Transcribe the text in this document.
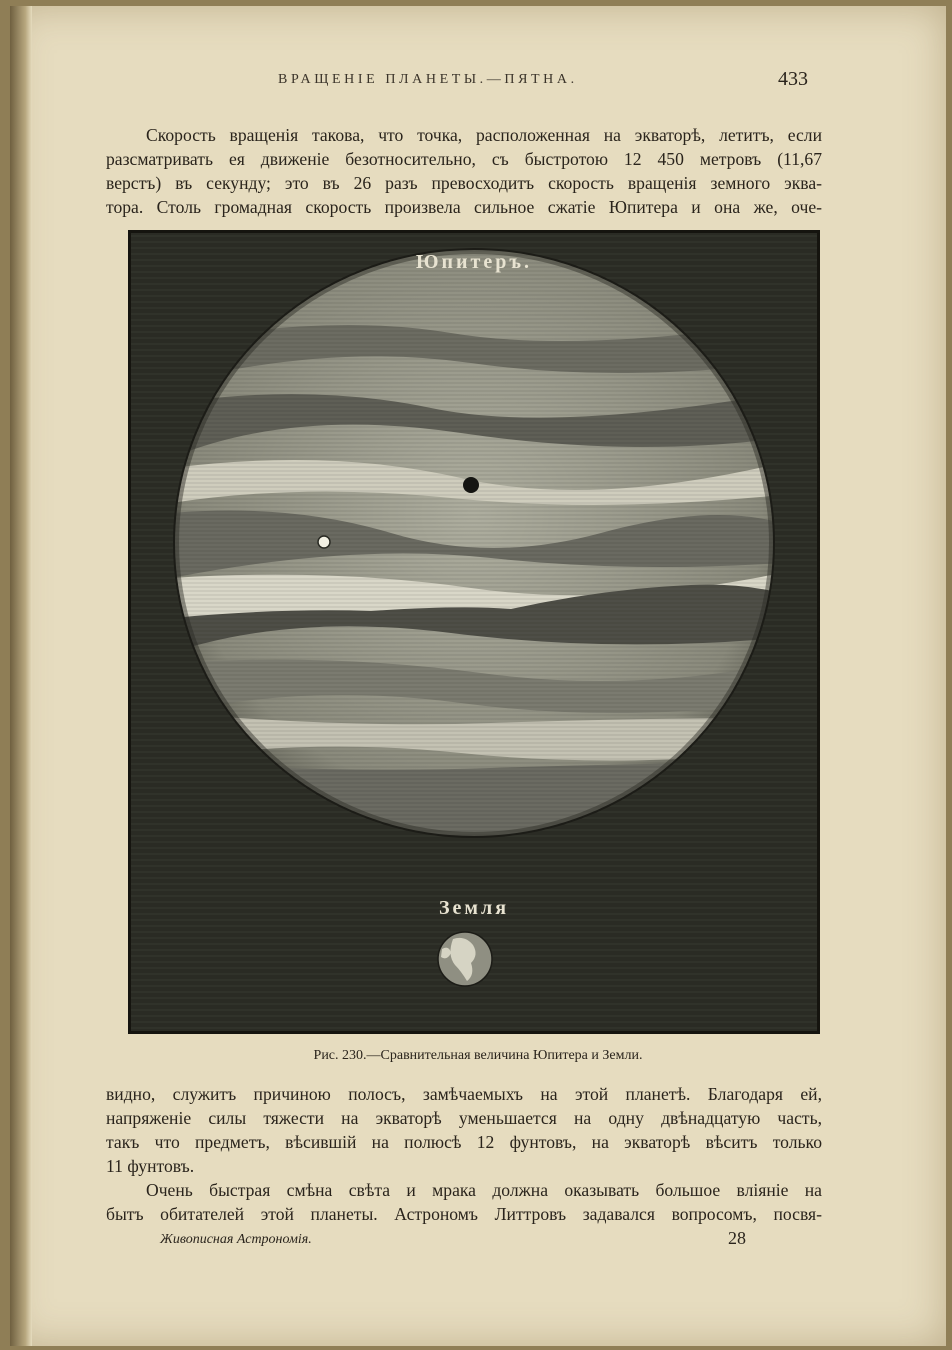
ВРАЩЕНIЕ ПЛАНЕТЫ.—ПЯТНА.	433
Скорость вращенія такова, что точка, расположенная на экваторѣ, летитъ, если
разсматривать ея движеніе безотносительно, съ быстротою 12 450 метровъ (11,67
верстъ) въ секунду; это въ 26 разъ превосходитъ скорость вращенія земного эква-
тора. Столь громадная скорость произвела сильное сжатіе Юпитера и она же, оче-
Юпитеръ.
Земля
Рис. 230.—Сравнительная величина Юпитера и Земли.
видно, служитъ причиною полосъ, замѣчаемыхъ на этой планетѣ. Благодаря ей,
напряженіе силы тяжести на экваторѣ уменьшается на одну двѣнадцатую часть,
такъ что предметъ, вѣсившій на полюсѣ 12 фунтовъ, на экваторѣ вѣситъ только
11 фунтовъ.
Очень быстрая смѣна свѣта и мрака должна оказывать большое вліяніе на
бытъ обитателей этой планеты. Астрономъ Литтровъ задавался вопросомъ, посвя-
Живописная Астрономія.	28
